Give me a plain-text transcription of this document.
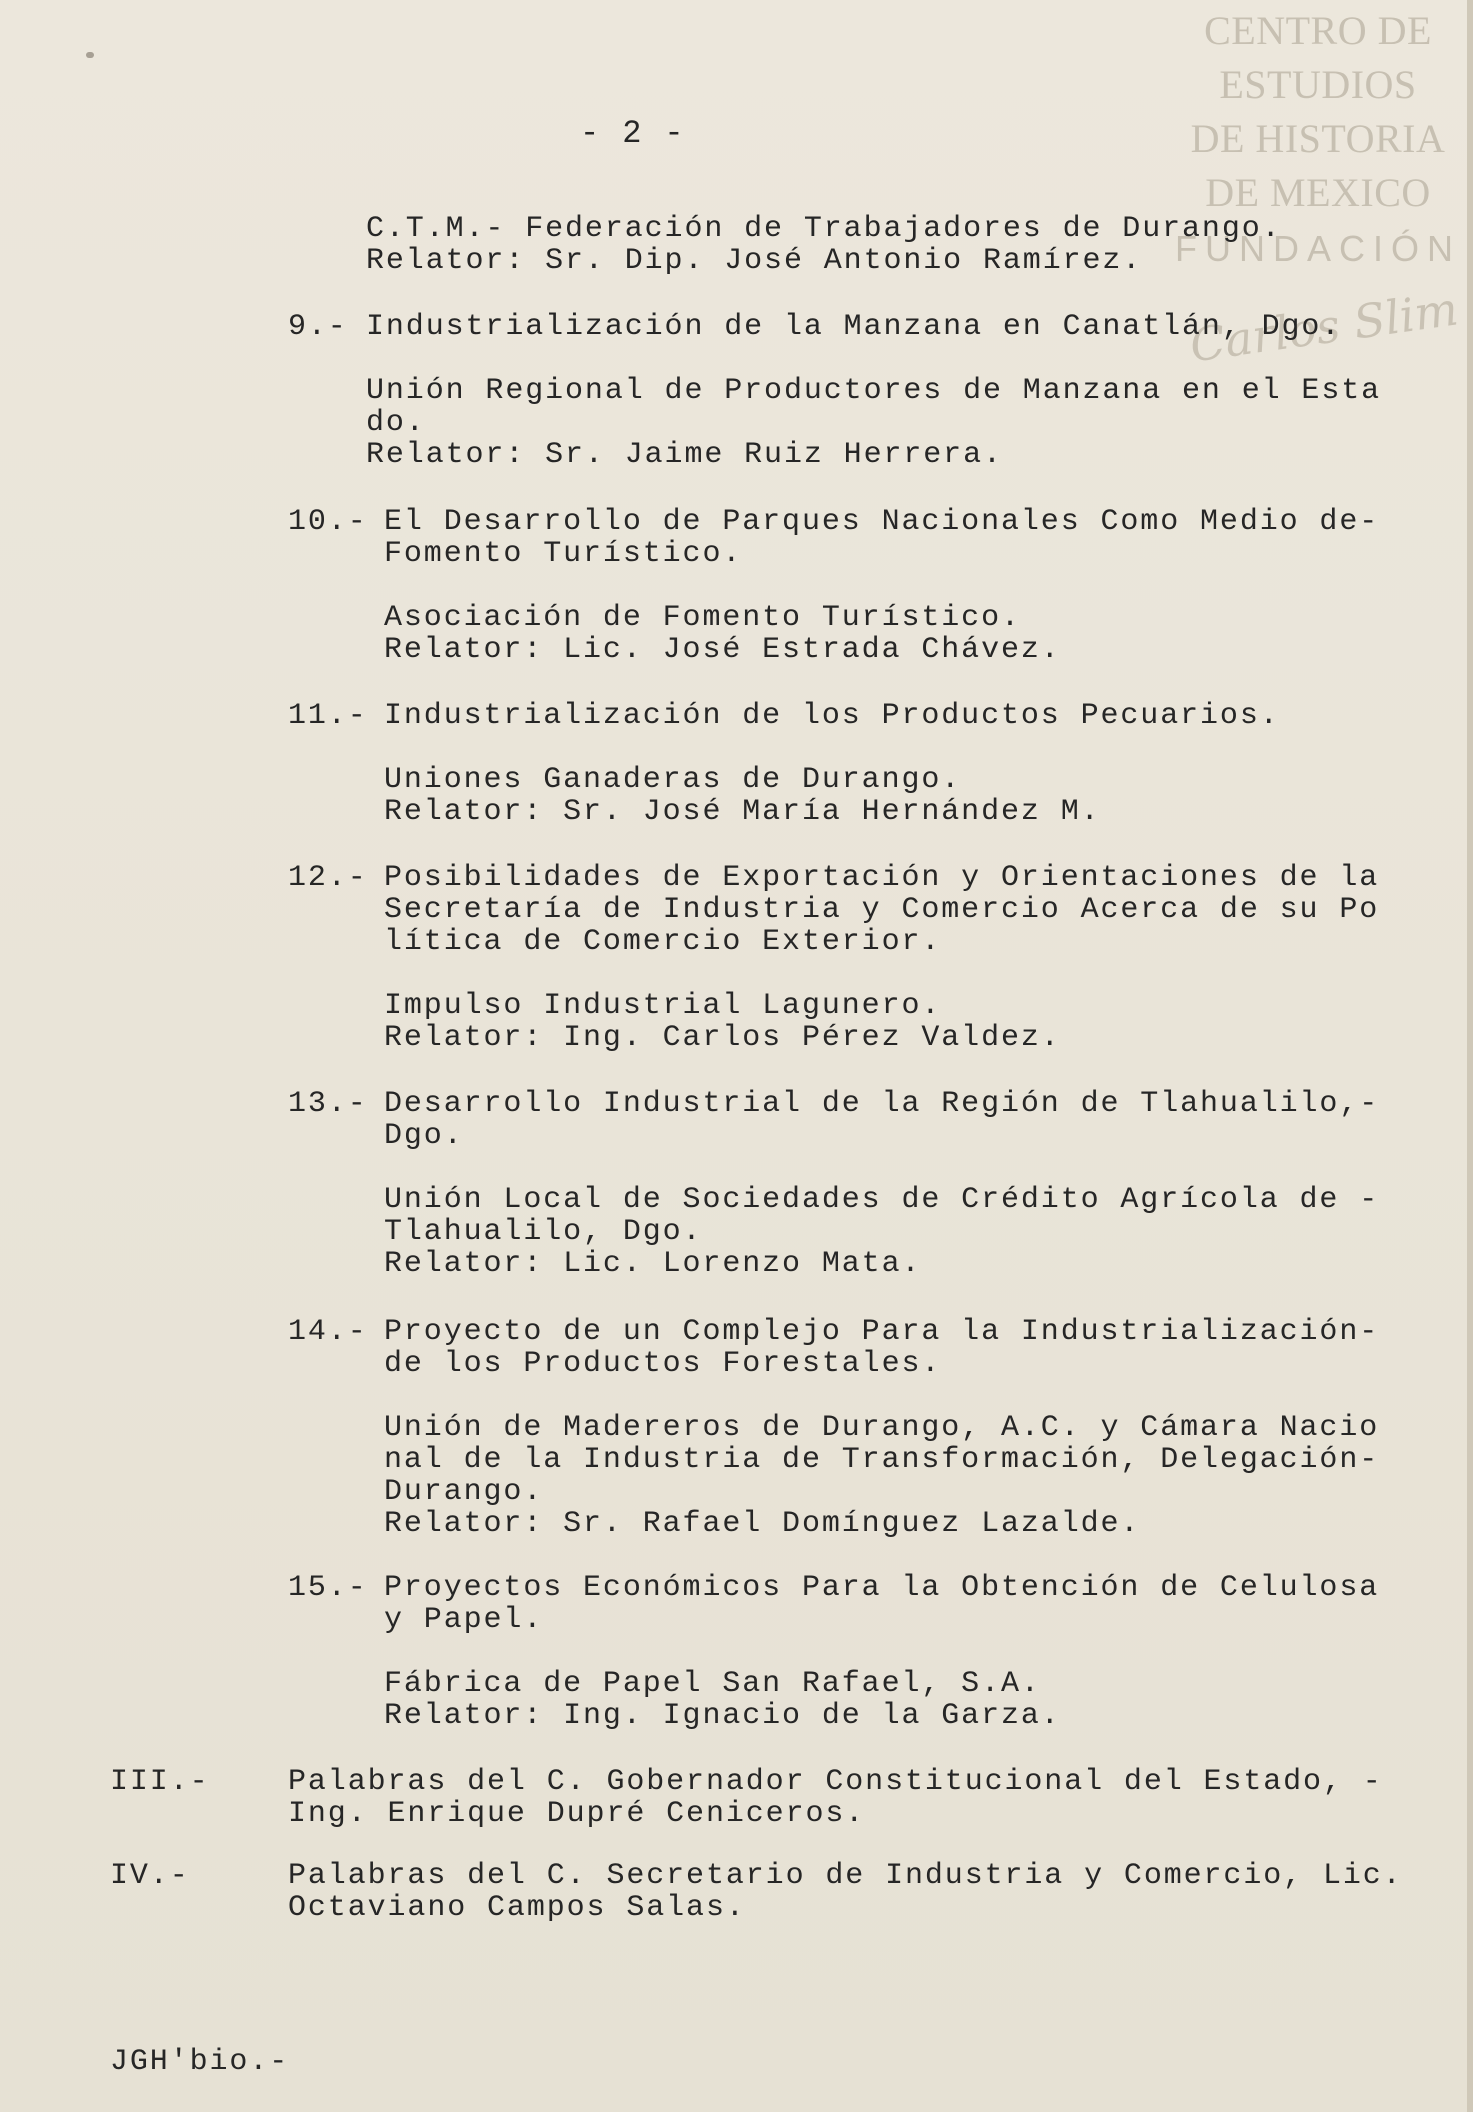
CENTRO DE
ESTUDIOS
DE HISTORIA
DE MEXICO
FUNDACIÓN
Carlos Slim
- 2 -
C.T.M.- Federación de Trabajadores de Durango.
Relator: Sr. Dip. José Antonio Ramírez.
9.- Industrialización de la Manzana en Canatlán, Dgo.
Unión Regional de Productores de Manzana en el Esta
do.
Relator: Sr. Jaime Ruiz Herrera.
10.- El Desarrollo de Parques Nacionales Como Medio de-
Fomento Turístico.
Asociación de Fomento Turístico.
Relator: Lic. José Estrada Chávez.
11.- Industrialización de los Productos Pecuarios.
Uniones Ganaderas de Durango.
Relator: Sr. José María Hernández M.
12.- Posibilidades de Exportación y Orientaciones de la
Secretaría de Industria y Comercio Acerca de su Po
lítica de Comercio Exterior.
Impulso Industrial Lagunero.
Relator: Ing. Carlos Pérez Valdez.
13.- Desarrollo Industrial de la Región de Tlahualilo,-
Dgo.
Unión Local de Sociedades de Crédito Agrícola de -
Tlahualilo, Dgo.
Relator: Lic. Lorenzo Mata.
14.- Proyecto de un Complejo Para la Industrialización-
de los Productos Forestales.
Unión de Madereros de Durango, A.C. y Cámara Nacio
nal de la Industria de Transformación, Delegación-
Durango.
Relator: Sr. Rafael Domínguez Lazalde.
15.- Proyectos Económicos Para la Obtención de Celulosa
y Papel.
Fábrica de Papel San Rafael, S.A.
Relator: Ing. Ignacio de la Garza.
III.-	Palabras del C. Gobernador Constitucional del Estado, -
Ing. Enrique Dupré Ceniceros.
IV.-	Palabras del C. Secretario de Industria y Comercio, Lic.
Octaviano Campos Salas.
JGH'bio.-
